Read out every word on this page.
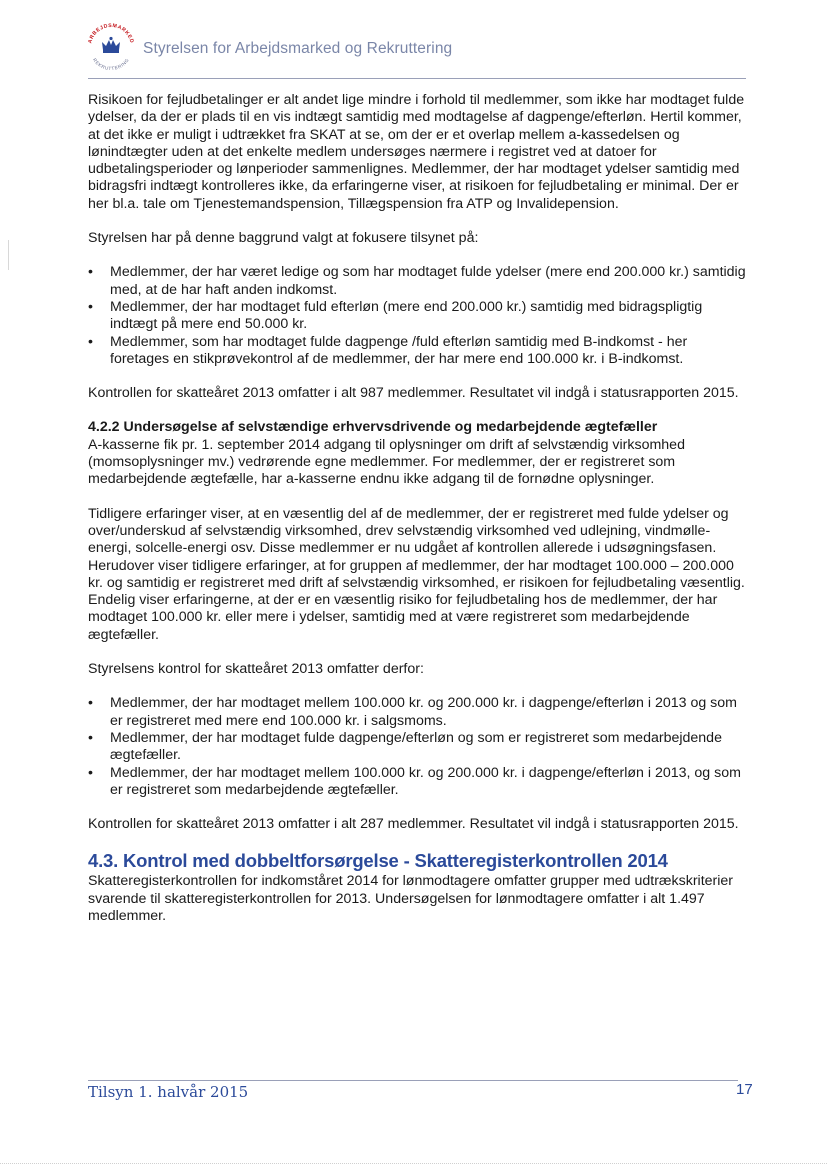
ARBEJDSMARKED
REKRUTTERING
Styrelsen for Arbejdsmarked og Rekruttering

Risikoen for fejludbetalinger er alt andet lige mindre i forhold til medlemmer, som ikke har modtaget fulde ydelser, da der er plads til en vis indtægt samtidig med modtagelse af dagpenge/efterløn. Hertil kommer, at det ikke er muligt i udtrækket fra SKAT at se, om der er et overlap mellem a-kassedelsen og lønindtægter uden at det enkelte medlem undersøges nærmere i registret ved at datoer for udbetalingsperioder og lønperioder sammenlignes. Medlemmer, der har modtaget ydelser samtidig med bidragsfri indtægt kontrolleres ikke, da erfaringerne viser, at risikoen for fejludbetaling er minimal. Der er her bl.a. tale om Tjenestemandspension, Tillægspension fra ATP og Invalidepension.

Styrelsen har på denne baggrund valgt at fokusere tilsynet på:

• Medlemmer, der har været ledige og som har modtaget fulde ydelser (mere end 200.000 kr.) samtidig med, at de har haft anden indkomst.
• Medlemmer, der har modtaget fuld efterløn (mere end 200.000 kr.) samtidig med bidragspligtig indtægt på mere end 50.000 kr.
• Medlemmer, som har modtaget fulde dagpenge /fuld efterløn samtidig med B-indkomst - her foretages en stikprøvekontrol af de medlemmer, der har mere end 100.000 kr. i B-indkomst.

Kontrollen for skatteåret 2013 omfatter i alt 987 medlemmer. Resultatet vil indgå i statusrapporten 2015.

4.2.2 Undersøgelse af selvstændige erhvervsdrivende og medarbejdende ægtefæller

A-kasserne fik pr. 1. september 2014 adgang til oplysninger om drift af selvstændig virksomhed (momsoplysninger mv.) vedrørende egne medlemmer. For medlemmer, der er registreret som medarbejdende ægtefælle, har a-kasserne endnu ikke adgang til de fornødne oplysninger.

Tidligere erfaringer viser, at en væsentlig del af de medlemmer, der er registreret med fulde ydelser og over/underskud af selvstændig virksomhed, drev selvstændig virksomhed ved udlejning, vindmølle-energi, solcelle-energi osv. Disse medlemmer er nu udgået af kontrollen allerede i udsøgningsfasen. Herudover viser tidligere erfaringer, at for gruppen af medlemmer, der har modtaget 100.000 – 200.000 kr. og samtidig er registreret med drift af selvstændig virksomhed, er risikoen for fejludbetaling væsentlig. Endelig viser erfaringerne, at der er en væsentlig risiko for fejludbetaling hos de medlemmer, der har modtaget 100.000 kr. eller mere i ydelser, samtidig med at være registreret som medarbejdende ægtefæller.

Styrelsens kontrol for skatteåret 2013 omfatter derfor:

• Medlemmer, der har modtaget mellem 100.000 kr. og 200.000 kr. i dagpenge/efterløn i 2013 og som er registreret med mere end 100.000 kr. i salgsmoms.
• Medlemmer, der har modtaget fulde dagpenge/efterløn og som er registreret som medarbejdende ægtefæller.
• Medlemmer, der har modtaget mellem 100.000 kr. og 200.000 kr. i dagpenge/efterløn i 2013, og som er registreret som medarbejdende ægtefæller.

Kontrollen for skatteåret 2013 omfatter i alt 287 medlemmer. Resultatet vil indgå i statusrapporten 2015.

4.3. Kontrol med dobbeltforsørgelse - Skatteregisterkontrollen 2014

Skatteregisterkontrollen for indkomståret 2014 for lønmodtagere omfatter grupper med udtrækskriterier svarende til skatteregisterkontrollen for 2013. Undersøgelsen for lønmodtagere omfatter i alt 1.497 medlemmer.

Tilsyn 1. halvår 2015	17
